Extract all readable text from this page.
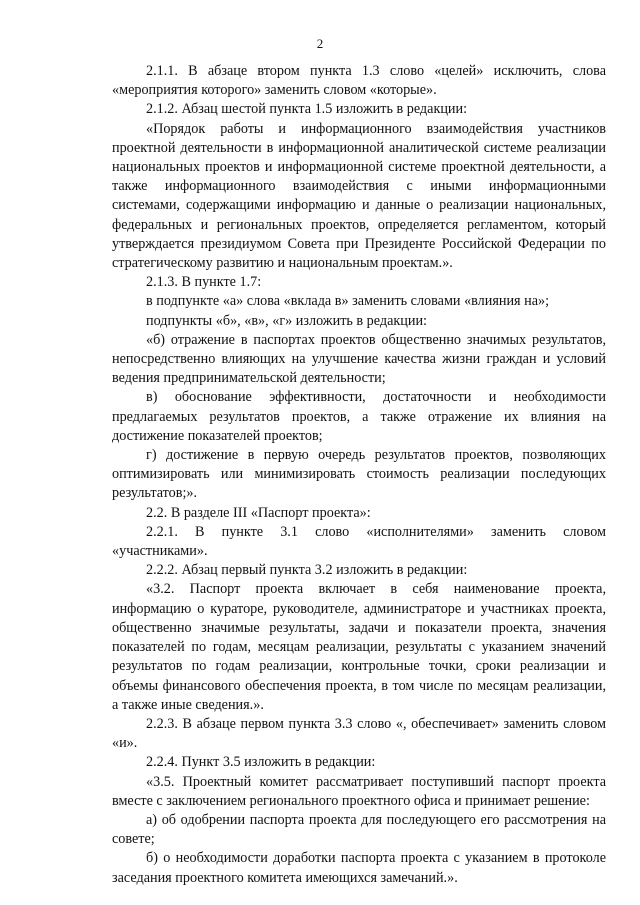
2

2.1.1. В абзаце втором пункта 1.3 слово «целей» исключить, слова «мероприятия которого» заменить словом «которые».

2.1.2. Абзац шестой пункта 1.5 изложить в редакции:

«Порядок работы и информационного взаимодействия участников проектной деятельности в информационной аналитической системе реализации национальных проектов и информационной системе проектной деятельности, а также информационного взаимодействия с иными информационными системами, содержащими информацию и данные о реализации национальных, федеральных и региональных проектов, определяется регламентом, который утверждается президиумом Совета при Президенте Российской Федерации по стратегическому развитию и национальным проектам.».

2.1.3. В пункте 1.7:

в подпункте «а» слова «вклада в» заменить словами «влияния на»;

подпункты «б», «в», «г» изложить в редакции:

«б) отражение в паспортах проектов общественно значимых результатов, непосредственно влияющих на улучшение качества жизни граждан и условий ведения предпринимательской деятельности;

в) обоснование эффективности, достаточности и необходимости предлагаемых результатов проектов, а также отражение их влияния на достижение показателей проектов;

г) достижение в первую очередь результатов проектов, позволяющих оптимизировать или минимизировать стоимость реализации последующих результатов;».

2.2. В разделе III «Паспорт проекта»:

2.2.1. В пункте 3.1 слово «исполнителями» заменить словом «участниками».

2.2.2. Абзац первый пункта 3.2 изложить в редакции:

«3.2. Паспорт проекта включает в себя наименование проекта, информацию о кураторе, руководителе, администраторе и участниках проекта, общественно значимые результаты, задачи и показатели проекта, значения показателей по годам, месяцам реализации, результаты с указанием значений результатов по годам реализации, контрольные точки, сроки реализации и объемы финансового обеспечения проекта, в том числе по месяцам реализации, а также иные сведения.».

2.2.3. В абзаце первом пункта 3.3 слово «, обеспечивает» заменить словом «и».

2.2.4. Пункт 3.5 изложить в редакции:

«3.5. Проектный комитет рассматривает поступивший паспорт проекта вместе с заключением регионального проектного офиса и принимает решение:

а) об одобрении паспорта проекта для последующего его рассмотрения на совете;

б) о необходимости доработки паспорта проекта с указанием в протоколе заседания проектного комитета имеющихся замечаний.».
